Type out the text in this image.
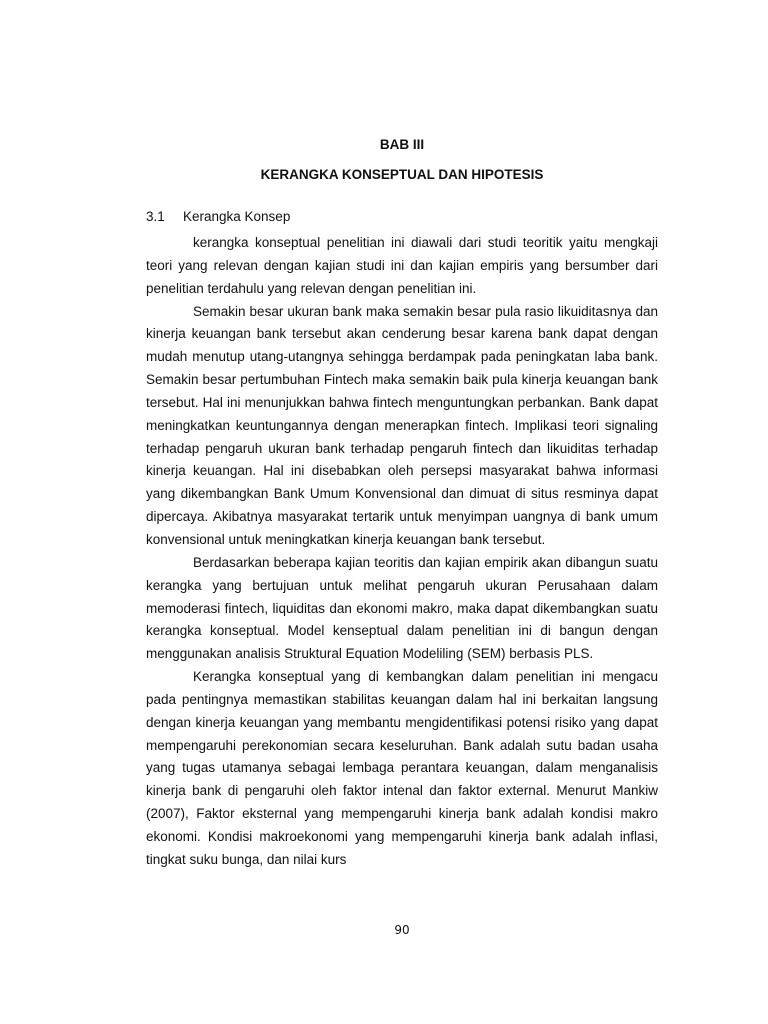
BAB III
KERANGKA KONSEPTUAL DAN HIPOTESIS
3.1	Kerangka Konsep

kerangka konseptual penelitian ini diawali dari studi teoritik yaitu mengkaji teori yang relevan dengan kajian studi ini dan kajian empiris yang bersumber dari penelitian terdahulu yang relevan dengan penelitian ini.

Semakin besar ukuran bank maka semakin besar pula rasio likuiditasnya dan kinerja keuangan bank tersebut akan cenderung besar karena bank dapat dengan mudah menutup utang-utangnya sehingga berdampak pada peningkatan laba bank. Semakin besar pertumbuhan Fintech maka semakin baik pula kinerja keuangan bank tersebut. Hal ini menunjukkan bahwa fintech menguntungkan perbankan. Bank dapat meningkatkan keuntungannya dengan menerapkan fintech. Implikasi teori signaling terhadap pengaruh ukuran bank terhadap pengaruh fintech dan likuiditas terhadap kinerja keuangan. Hal ini disebabkan oleh persepsi masyarakat bahwa informasi yang dikembangkan Bank Umum Konvensional dan dimuat di situs resminya dapat dipercaya. Akibatnya masyarakat tertarik untuk menyimpan uangnya di bank umum konvensional untuk meningkatkan kinerja keuangan bank tersebut.

Berdasarkan beberapa kajian teoritis dan kajian empirik akan dibangun suatu kerangka yang bertujuan untuk melihat pengaruh ukuran Perusahaan dalam memoderasi fintech, liquiditas dan ekonomi makro, maka dapat dikembangkan suatu kerangka konseptual. Model kenseptual dalam penelitian ini di bangun dengan menggunakan analisis Struktural Equation Modeliling (SEM) berbasis PLS.

Kerangka konseptual yang di kembangkan dalam penelitian ini mengacu pada pentingnya memastikan stabilitas keuangan dalam hal ini berkaitan langsung dengan kinerja keuangan yang membantu mengidentifikasi potensi risiko yang dapat mempengaruhi perekonomian secara keseluruhan. Bank adalah sutu badan usaha yang tugas utamanya sebagai lembaga perantara keuangan, dalam menganalisis kinerja bank di pengaruhi oleh faktor intenal dan faktor external. Menurut Mankiw (2007), Faktor eksternal yang mempengaruhi kinerja bank adalah kondisi makro ekonomi. Kondisi makroekonomi yang mempengaruhi kinerja bank adalah inflasi, tingkat suku bunga, dan nilai kurs

90
